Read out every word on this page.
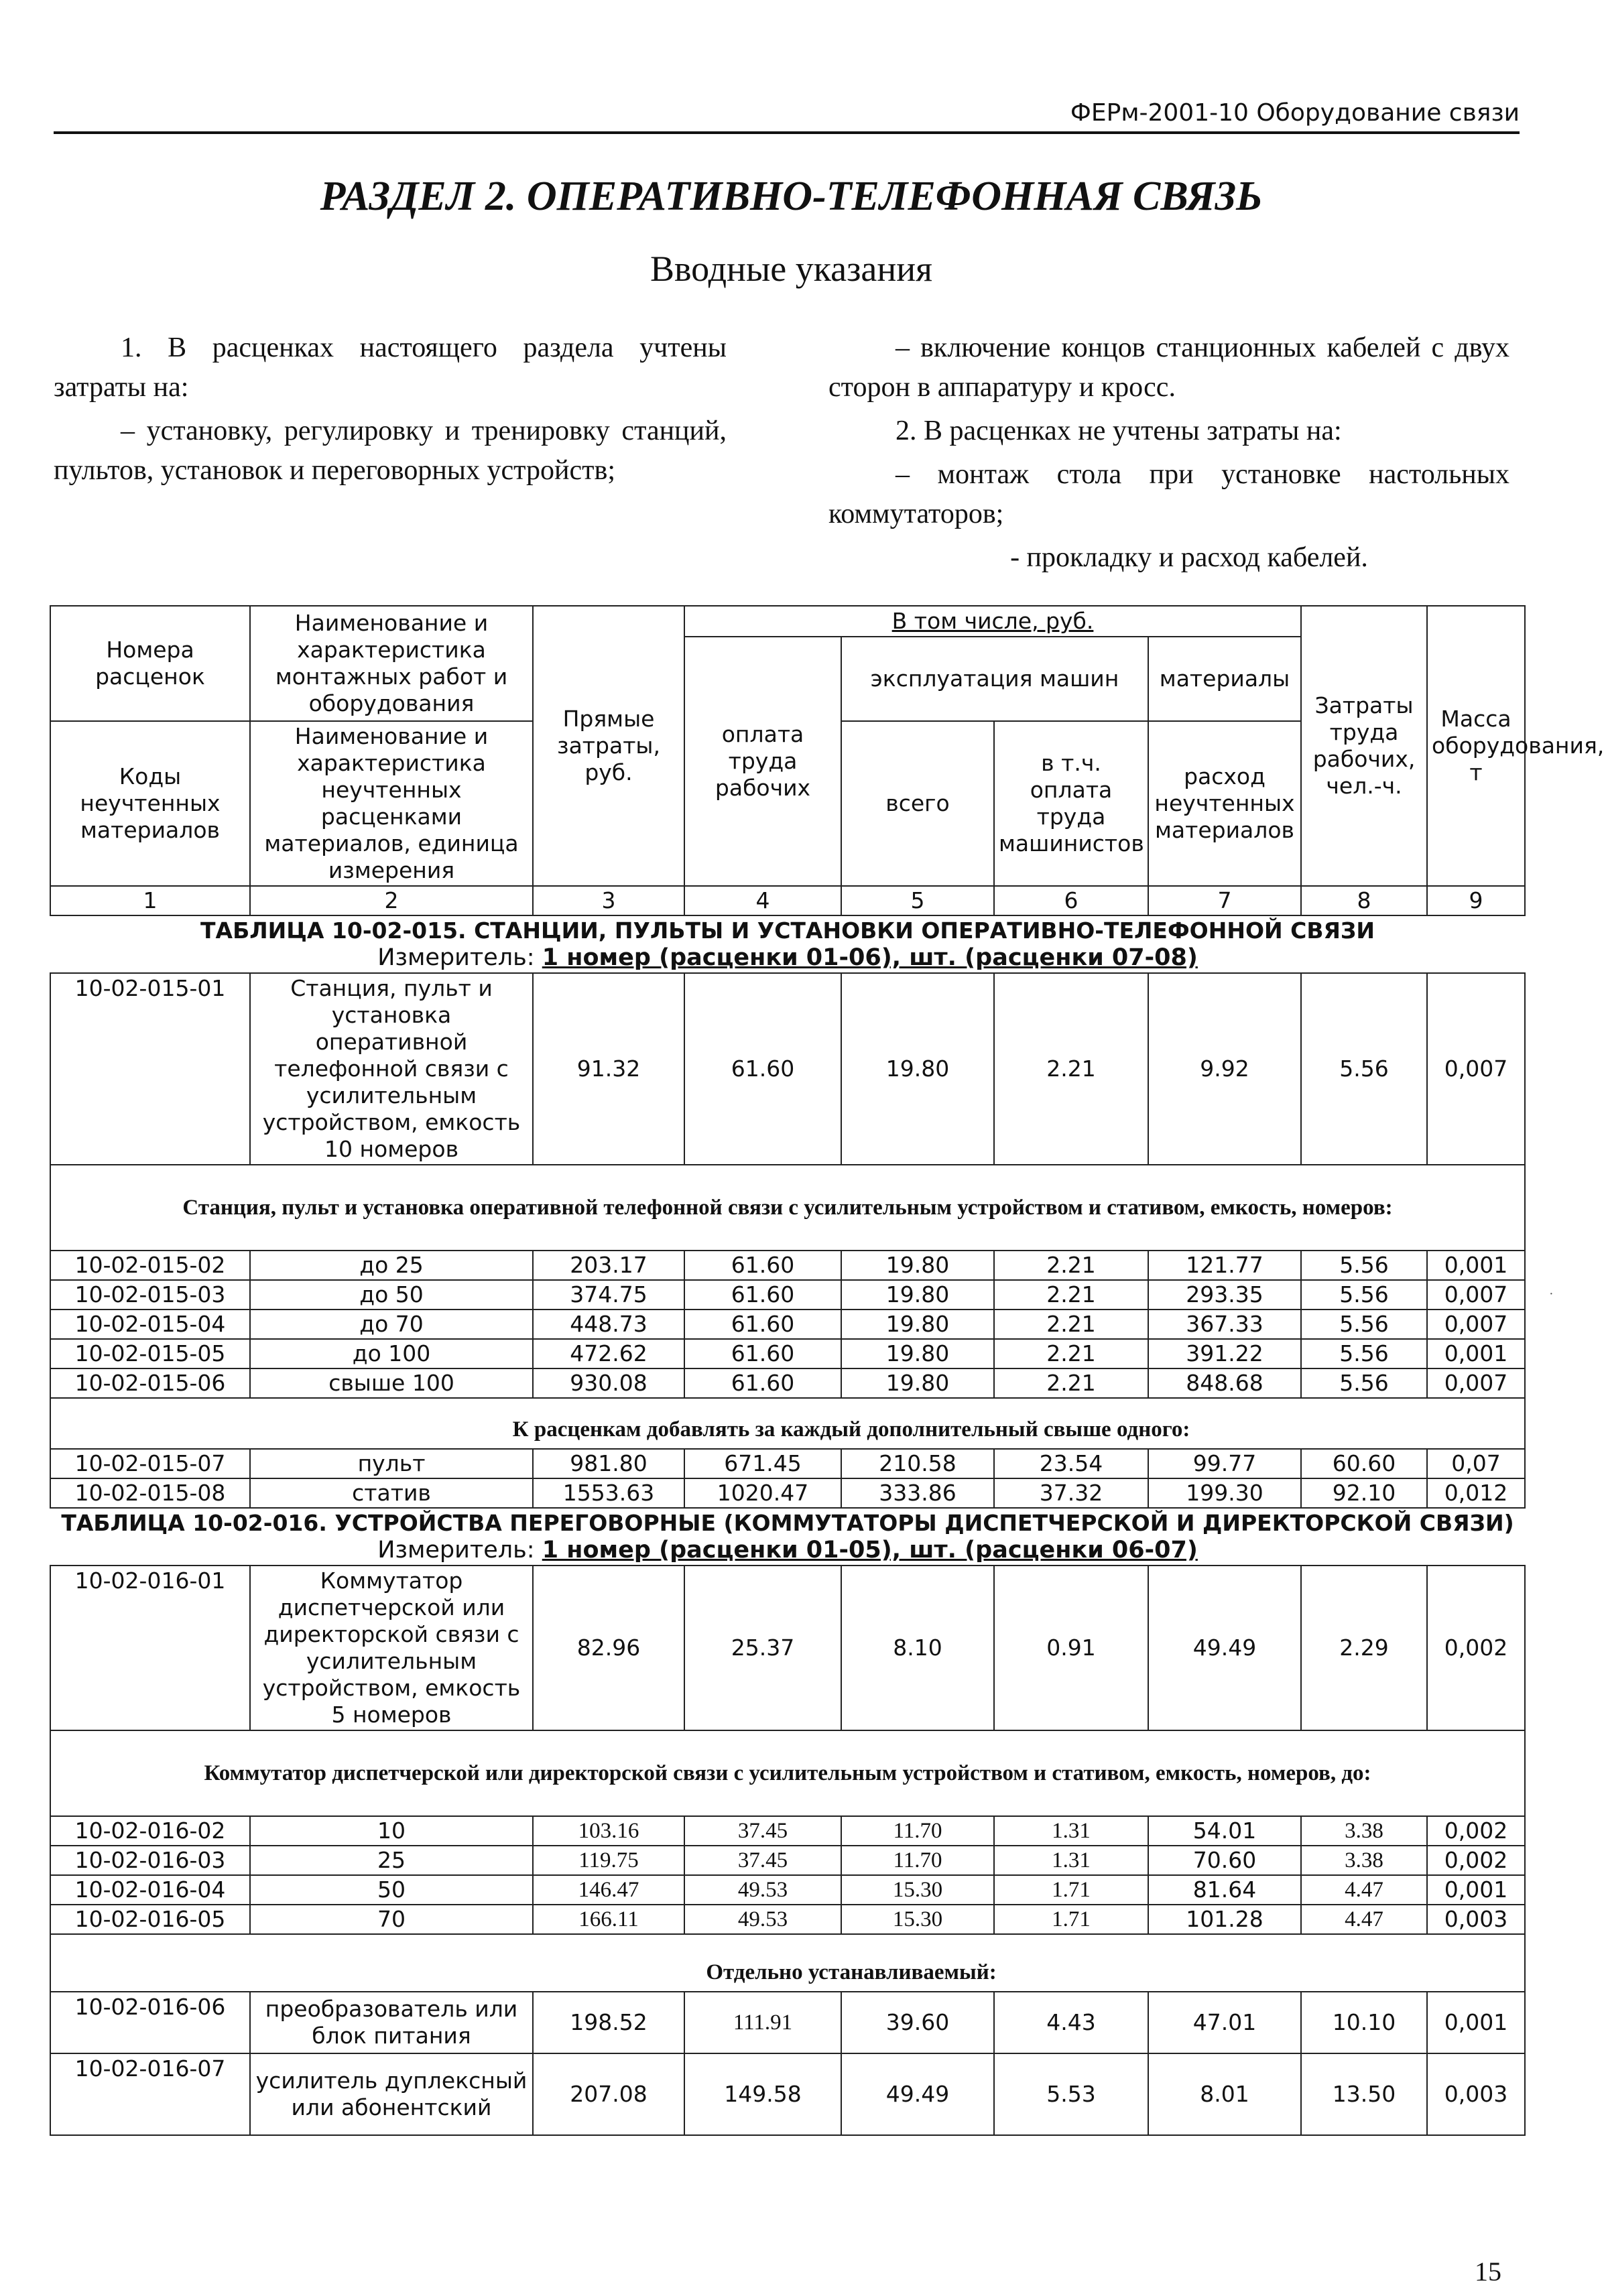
ФЕРм-2001-10 Оборудование связи
РАЗДЕЛ 2. ОПЕРАТИВНО-ТЕЛЕФОННАЯ СВЯЗЬ
Вводные указания

1. В расценках настоящего раздела учтены затраты на:

– установку, регулировку и тренировку станций, пультов, установок и переговорных устройств;

– включение концов станционных кабелей с двух сторон в аппаратуру и кросс.

2. В расценках не учтены затраты на:

– монтаж стола при установке настольных коммутаторов;

- прокладку и расход кабелей.

Номера расценок	Наименование и характеристика монтажных работ и оборудования	Прямые затраты, руб.	В том числе, руб.				Затраты труда рабочих, чел.-ч.	Масса оборудования, т
			оплата труда рабочих	эксплуатация машин		материалы		

Коды неучтенных материалов	Наименование и характеристика неучтенных расценками материалов, единица измерения			всего	в т.ч. оплата труда машинистов	расход неучтенных материалов		

1	2	3	4	5	6	7	8	9
ТАБЛИЦА 10-02-015. СТАНЦИИ, ПУЛЬТЫ И УСТАНОВКИ ОПЕРАТИВНО-ТЕЛЕФОННОЙ СВЯЗИ
Измеритель: 1 номер (расценки 01-06), шт. (расценки 07-08)								

10-02-015-01	Станция, пульт и установка оперативной телефонной связи с усилительным устройством, емкость 10 номеров	91.32	61.60	19.80	2.21	9.92	5.56	0,007
Станция, пульт и установка оперативной телефонной связи с усилительным устройством и стативом, емкость, номеров:								
10-02-015-02	до 25	203.17	61.60	19.80	2.21	121.77	5.56	0,001
10-02-015-03	до 50	374.75	61.60	19.80	2.21	293.35	5.56	0,007
10-02-015-04	до 70	448.73	61.60	19.80	2.21	367.33	5.56	0,007
10-02-015-05	до 100	472.62	61.60	19.80	2.21	391.22	5.56	0,001
10-02-015-06	свыше 100	930.08	61.60	19.80	2.21	848.68	5.56	0,007
К расценкам добавлять за каждый дополнительный свыше одного:								
10-02-015-07	пульт	981.80	671.45	210.58	23.54	99.77	60.60	0,07
10-02-015-08	статив	1553.63	1020.47	333.86	37.32	199.30	92.10	0,012
ТАБЛИЦА 10-02-016. УСТРОЙСТВА ПЕРЕГОВОРНЫЕ (КОММУТАТОРЫ ДИСПЕТЧЕРСКОЙ И ДИРЕКТОРСКОЙ СВЯЗИ)
Измеритель: 1 номер (расценки 01-05), шт. (расценки 06-07)								

10-02-016-01	Коммутатор диспетчерской или директорской связи с усилительным устройством, емкость 5 номеров	82.96	25.37	8.10	0.91	49.49	2.29	0,002
Коммутатор диспетчерской или директорской связи с усилительным устройством и стативом, емкость, номеров, до:								
10-02-016-02	10	103.16	37.45	11.70	1.31	54.01	3.38	0,002
10-02-016-03	25	119.75	37.45	11.70	1.31	70.60	3.38	0,002
10-02-016-04	50	146.47	49.53	15.30	1.71	81.64	4.47	0,001
10-02-016-05	70	166.11	49.53	15.30	1.71	101.28	4.47	0,003
Отдельно устанавливаемый:								
10-02-016-06	преобразователь или блок питания	198.52	111.91	39.60	4.43	47.01	10.10	0,001
10-02-016-07	усилитель дуплексный или абонентский	207.08	149.58	49.49	5.53	8.01	13.50	0,003
·
15
